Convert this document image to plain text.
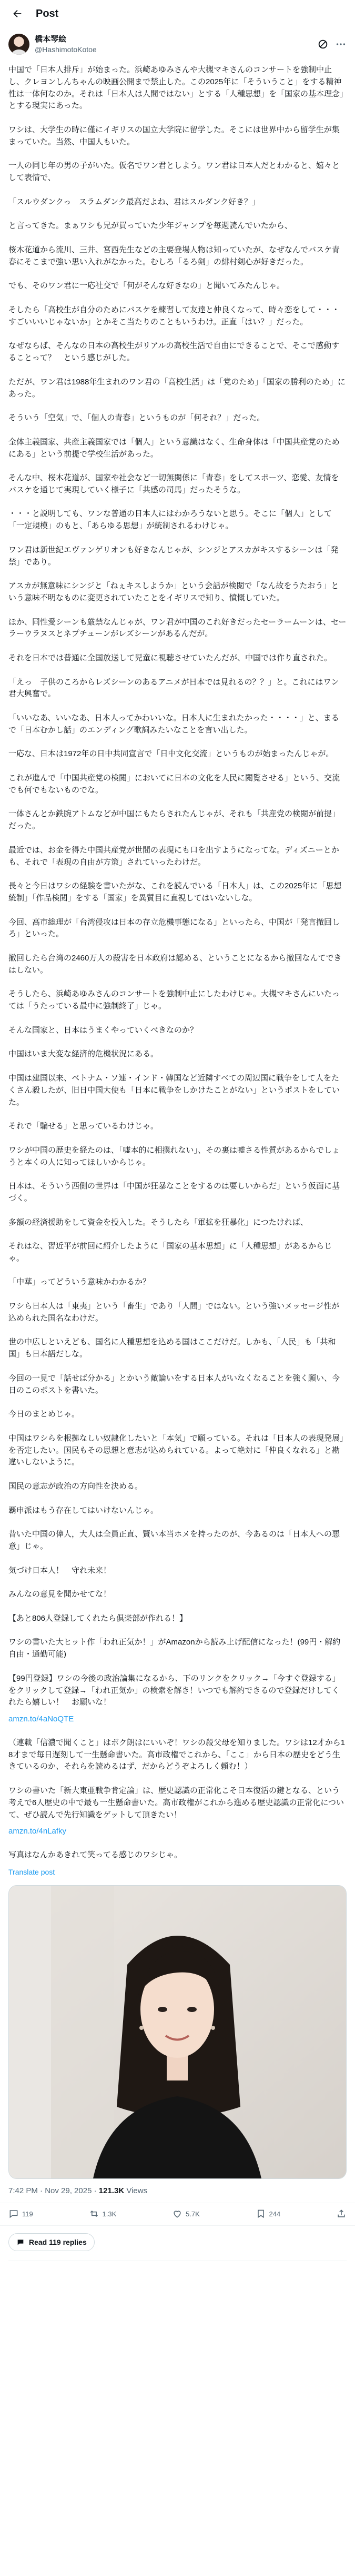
Post
橋本琴絵
@HashimotoKotoe

中国で「日本人排斥」が始まった。浜崎あゆみさんや大槻マキさんのコンサートを強制中止し、クレヨンしんちゃんの映画公開まで禁止した。この2025年に「そういうこと」をする精神性は一体何なのか。それは「日本人は人間ではない」とする「人種思想」を「国家の基本理念」とする現実にあった。

ワシは、大学生の時に僅にイギリスの国立大学院に留学した。そこには世界中から留学生が集まっていた。当然、中国人もいた。

一人の同じ年の男の子がいた。仮名でワン君としよう。ワン君は日本人だとわかると、嬉々として表情で、

「スルウダンクっ　スラムダンク最高だよね、君はスルダンク好き？」

と言ってきた。まぁワシも兄が買っていた少年ジャンプを毎週読んでいたから、

桜木花道から流川、三井、宮西先生などの主要登場人物は知っていたが、なぜなんでバスケ青春にそこまで強い思い入れがなかった。むしろ「るろ剣」の緋村剣心が好きだった。

でも、そのワン君に一応社交で「何がそんな好きなの」と聞いてみたんじゃ。

そしたら「高校生が自分のためにバスケを練習して友達と仲良くなって、時々恋をして・・・すごいいいじゃないか」とかそこ当たりのこともいうわけ。正直「はい？」だった。

なぜならば、そんなの日本の高校生がリアルの高校生活で自由にできることで、そこで感動することって？　という感じがした。

ただが、ワン君は1988年生まれのワン君の「高校生活」は「党のため」「国家の勝利のため」にあった。

そういう「空気」で、「個人の青春」というものが「何それ？」だった。

全体主義国家、共産主義国家では「個人」という意識はなく、生命身体は「中国共産党のためにある」という前提で学校生活があった。

そんな中、桜木花道が、国家や社会など一切無関係に「青春」をしてスポーツ、恋愛、友情をバスケを通じて実現していく様子に「共感の司馬」だったそうな。

・・・と説明しても、ワンな普通の日本人にはわかろうないと思う。そこに「個人」として「一定規模」のもと、「あらゆる思想」が統制されるわけじゃ。

ワン君は新世紀エヴァンゲリオンも好きなんじゃが、シンジとアスカがキスするシーンは「発禁」であり。

アスカが無意味にシンジと「ねぇキスしようか」という会話が検閲で「なん故をうたおう」という意味不明なものに変更されていたことをイギリスで知り、憤慨していた。

ほか、同性愛シーンも厳禁なんじゃが、ワン君が中国のこれ好きだったセーラームーンは、セーラーウラヌスとネプチューンがレズシーンがあるんだが。

それを日本では普通に全国放送して児童に視聴させていたんだが、中国では作り直された。

「えっ　子供のころからレズシーンのあるアニメが日本では見れるの？？」と。これにはワン君大興奮で。

「いいなあ、いいなあ、日本人ってかわいいな。日本人に生まれたかった・・・・」と、まるで「日本むかし話」のエンディング歌詞みたいなことを言い出した。

一応な、日本は1972年の日中共同宣言で「日中文化交流」というものが始まったんじゃが。

これが進んで「中国共産党の検閲」においてに日本の文化を人民に閲覧させる」という、交流でも何でもないものでな。

一体さんとか鉄腕アトムなどが中国にもたらされたんじゃが、それも「共産党の検閲が前提」だった。

最近では、お金を得た中国共産党が世間の表現にも口を出すようになってな。ディズニーとかも、それで「表現の自由が方策」されていったわけだ。

長々と今日はワシの経験を書いたがな、これを読んでいる「日本人」は、この2025年に「思想統制」「作品検閲」をする「国家」を異質目に直視してはいないしな。

今回、高市総理が「台湾侵攻は日本の存立危機事態になる」といったら、中国が「発言撤回しろ」といった。

撤回したら台湾の2460万人の殺害を日本政府は認める、ということになるから撤回なんてできはしない。

そうしたら、浜崎あゆみさんのコンサートを強制中止にしたわけじゃ。大槻マキさんにいたっては「うたっている最中に強制終了」じゃ。

そんな国家と、日本はうまくやっていくべきなのか？

中国はいま大変な経済的危機状況にある。

中国は建国以来、ベトナム・ソ連・インド・韓国など近隣すべての周辺国に戦争をして人をたくさん殺したが、旧日中国大使も「日本に戦争をしかけたことがない」というポストをしていた。

それで「騙せる」と思っているわけじゃ。

ワシが中国の歴史を経たのは、「嘘本的に相撲れない」、その裏は嘘さる性質があるからでしょうと本くの人に知ってほしいからじゃ。

日本は、そういう西側の世界は「中国が狂暴なことをするのは要しいからだ」という仮面に基づく。

多額の経済援助をして資金を投入した。そうしたら「軍拡を狂暴化」につたければ、

それはな、習近平が前回に紹介したように「国家の基本思想」に「人種思想」があるからじゃ。

「中華」ってどういう意味かわかるか？

ワシら日本人は「東夷」という「畜生」であり「人間」ではない。という強いメッセージ性が込められた国名なわけだ。

世の中広しといえども、国名に人種思想を込める国はここだけだ。しかも、「人民」も「共和国」も日本語だしな。

今回の一見で「話せば分かる」とかいう敵論いをする日本人がいなくなることを強く願い、今日のこのポストを書いた。

今日のまとめじゃ。

中国はワシらを根拠なしい奴隷化したいと「本気」で願っている。それは「日本人の表現発展」を否定したい。国民もその思想と意志が込められている。よって絶対に「仲良くなれる」と勘違いしないように。

国民の意志が政治の方向性を決める。

覇申派はもう存在してはいけないんじゃ。

昔いた中国の偉人，大人は全員正直、賢い本当ホメを持ったのが、今あるのは「日本人への悪意」じゃ。

気づけ日本人！　守れ未来！

みんなの意見を聞かせてな！

【あと806人登録してくれたら倶楽部が作れる！】

ワシの書いた大ヒット作「われ正気か！」がAmazonから読み上げ配信になった！(99円・解約自由・通勤可能)

【99円登録】ワシの今後の政治論集になるから、下のリンクをクリック→「今すぐ登録する」をクリックして登録→「われ正気か」の検索を解き！いつでも解約できるので登録だけしてくれたら嬉しい！　お願いな！

amzn.to/4aNoQTE

（連載「信濃で聞くこと」はボク朗はにいいぞ！ワシの殺父母を知りました。ワシは12才から18才まで毎日遅刻して一生懸命書いた。高市政権でこれから、「ここ」から日本の歴史をどう生きているのか、それらを読めるはず、だからどうぞよろしく頼む！）

ワシの書いた「新大東亜戦争肯定論」は、歴史認識の正常化こそ日本復活の鍵となる、という考えで6人歴史の中で最も一生懸命書いた。高市政権がこれから進める歴史認識の正常化について、ぜひ読んで先行知識をゲットして頂きたい！

amzn.to/4nLafky

写真はなんかあきれて笑ってる感じのワシじゃ。

Translate post
7:42 PM · Nov 29, 2025 · 121.3K Views
119	1.3K	5.7K	244
Read 119 replies
